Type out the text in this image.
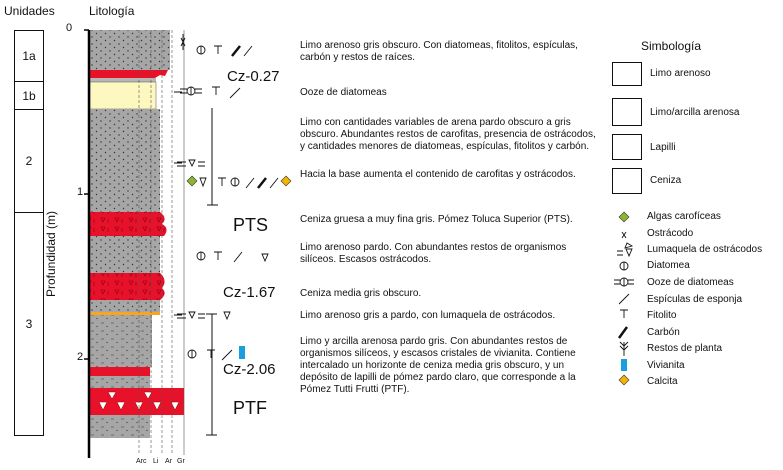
Unidades	Litología
1a
1b
2
3
Profundidad (m)
0
1
2
Arc Li Ar Gr
Cz-0.27
PTS
Cz-1.67
Cz-2.06
PTF
Limo arenoso gris obscuro. Con diatomeas, fitolitos, espículas, carbón y restos de raíces.
Ooze de diatomeas
Limo con cantidades variables de arena pardo obscuro a gris obscuro. Abundantes restos de carofitas, presencia de ostrácodos, y cantidades menores de diatomeas, espículas, fitolitos y carbón.
Hacia la base aumenta el contenido de carofitas y ostrácodos.
Ceniza gruesa a muy fina gris. Pómez Toluca Superior (PTS).
Limo arenoso pardo. Con abundantes restos de organismos silíceos. Escasos ostrácodos.
Ceniza media gris obscuro.
Limo arenoso gris a pardo, con lumaquela de ostrácodos.
Limo y arcilla arenosa pardo gris. Con abundantes restos de organismos silíceos, y escasos cristales de vivianita. Contiene intercalado un horizonte de ceniza media gris obscuro, y un depósito de lapilli de pómez pardo claro, que corresponde a la Pómez Tutti Frutti (PTF).
Simbología
Limo arenoso
Limo/arcilla arenosa
Lapilli
Ceniza
Algas carofíceas
Ostrácodo
Lumaquela de ostrácodos
Diatomea
Ooze de diatomeas
Espículas de esponja
Fitolito
Carbón
Restos de planta
Vivianita
Calcita
